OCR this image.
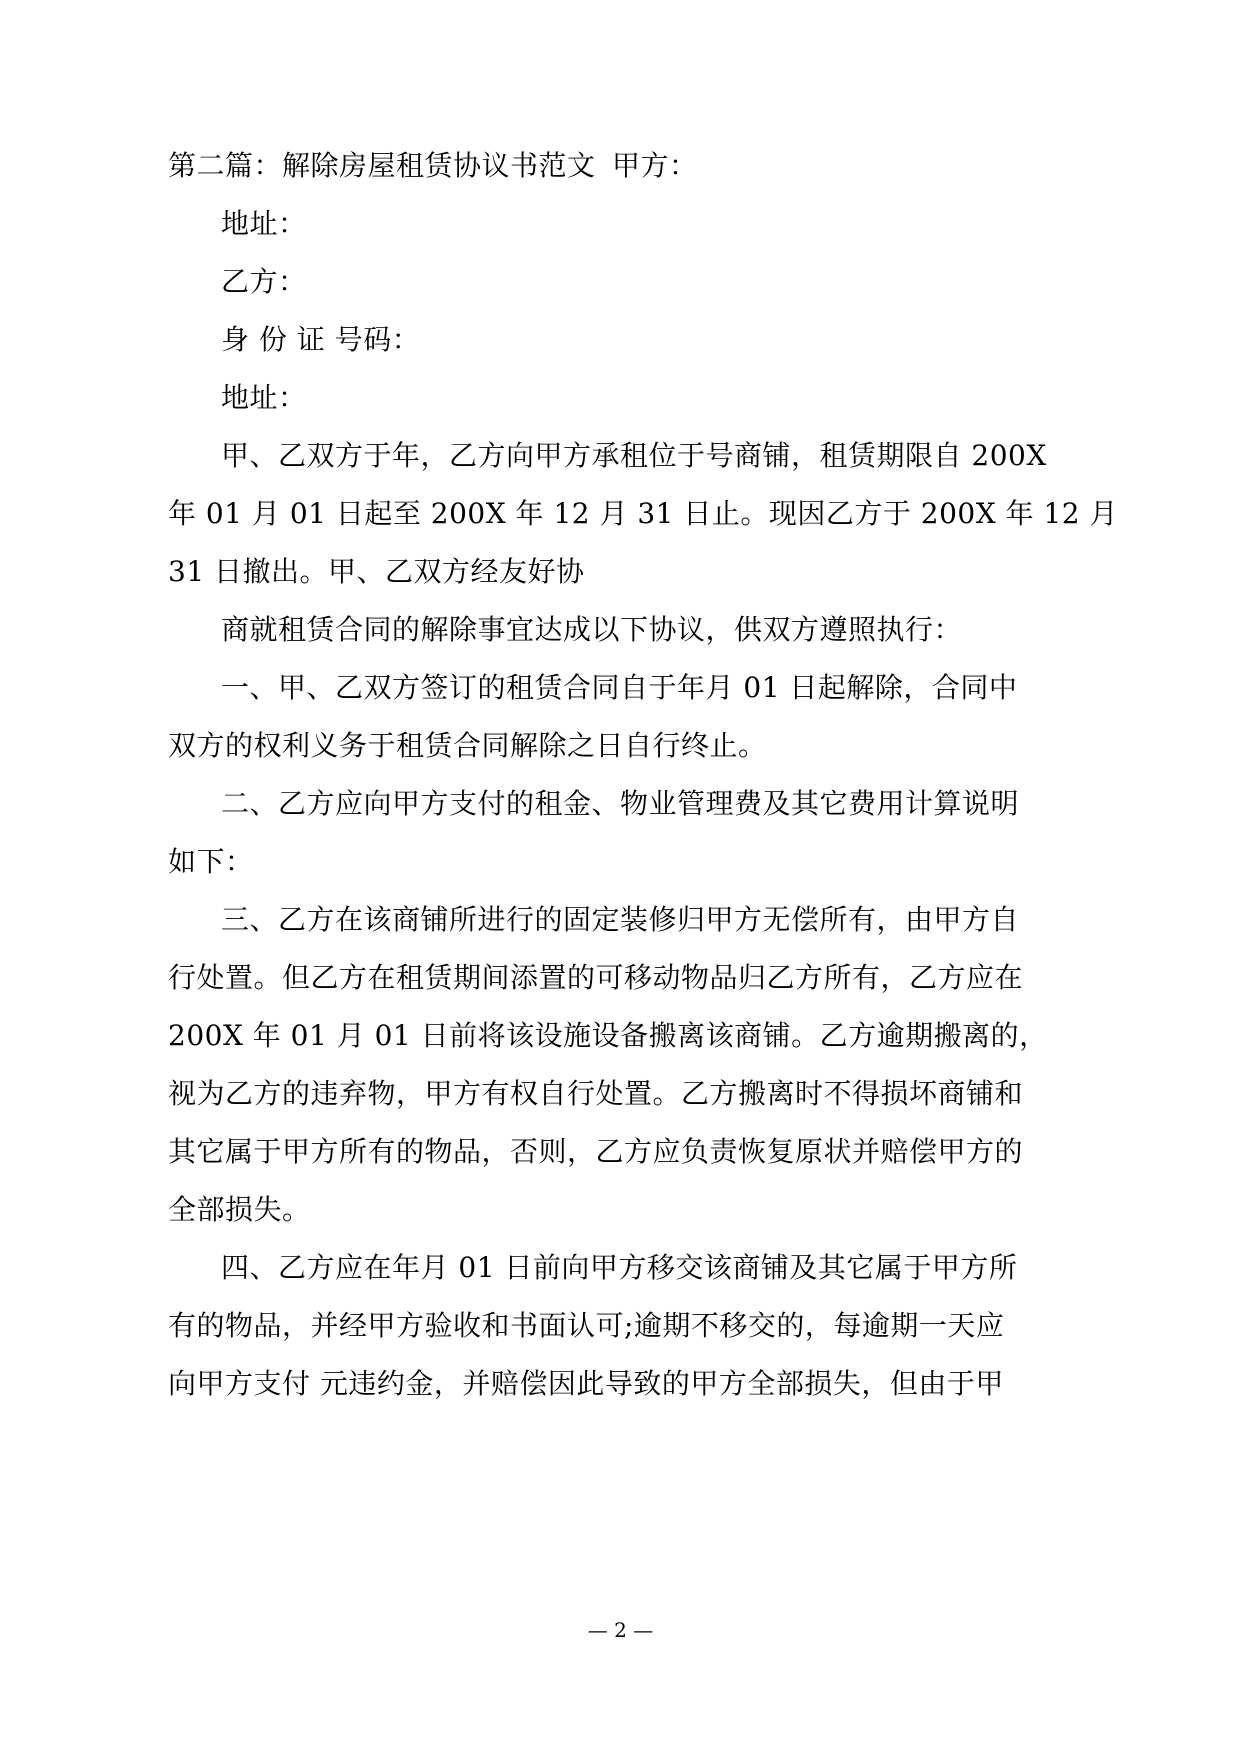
第二篇：解除房屋租赁协议书范文 甲方：

地址：

乙方：

身 份 证 号码：

地址：

甲、乙双方于年，乙方向甲方承租位于号商铺，租赁期限自 200X

年 01 月 01 日起至 200X 年 12 月 31 日止。现因乙方于 200X 年 12 月

31 日撤出。甲、乙双方经友好协

商就租赁合同的解除事宜达成以下协议，供双方遵照执行：

一、甲、乙双方签订的租赁合同自于年月 01 日起解除，合同中

双方的权利义务于租赁合同解除之日自行终止。

二、乙方应向甲方支付的租金、物业管理费及其它费用计算说明

如下：

三、乙方在该商铺所进行的固定装修归甲方无偿所有，由甲方自

行处置。但乙方在租赁期间添置的可移动物品归乙方所有，乙方应在

200X 年 01 月 01 日前将该设施设备搬离该商铺。乙方逾期搬离的，

视为乙方的违弃物，甲方有权自行处置。乙方搬离时不得损坏商铺和

其它属于甲方所有的物品，否则，乙方应负责恢复原状并赔偿甲方的

全部损失。

四、乙方应在年月 01 日前向甲方移交该商铺及其它属于甲方所

有的物品，并经甲方验收和书面认可;逾期不移交的，每逾期一天应

向甲方支付 元违约金，并赔偿因此导致的甲方全部损失，但由于甲

— 2 —
